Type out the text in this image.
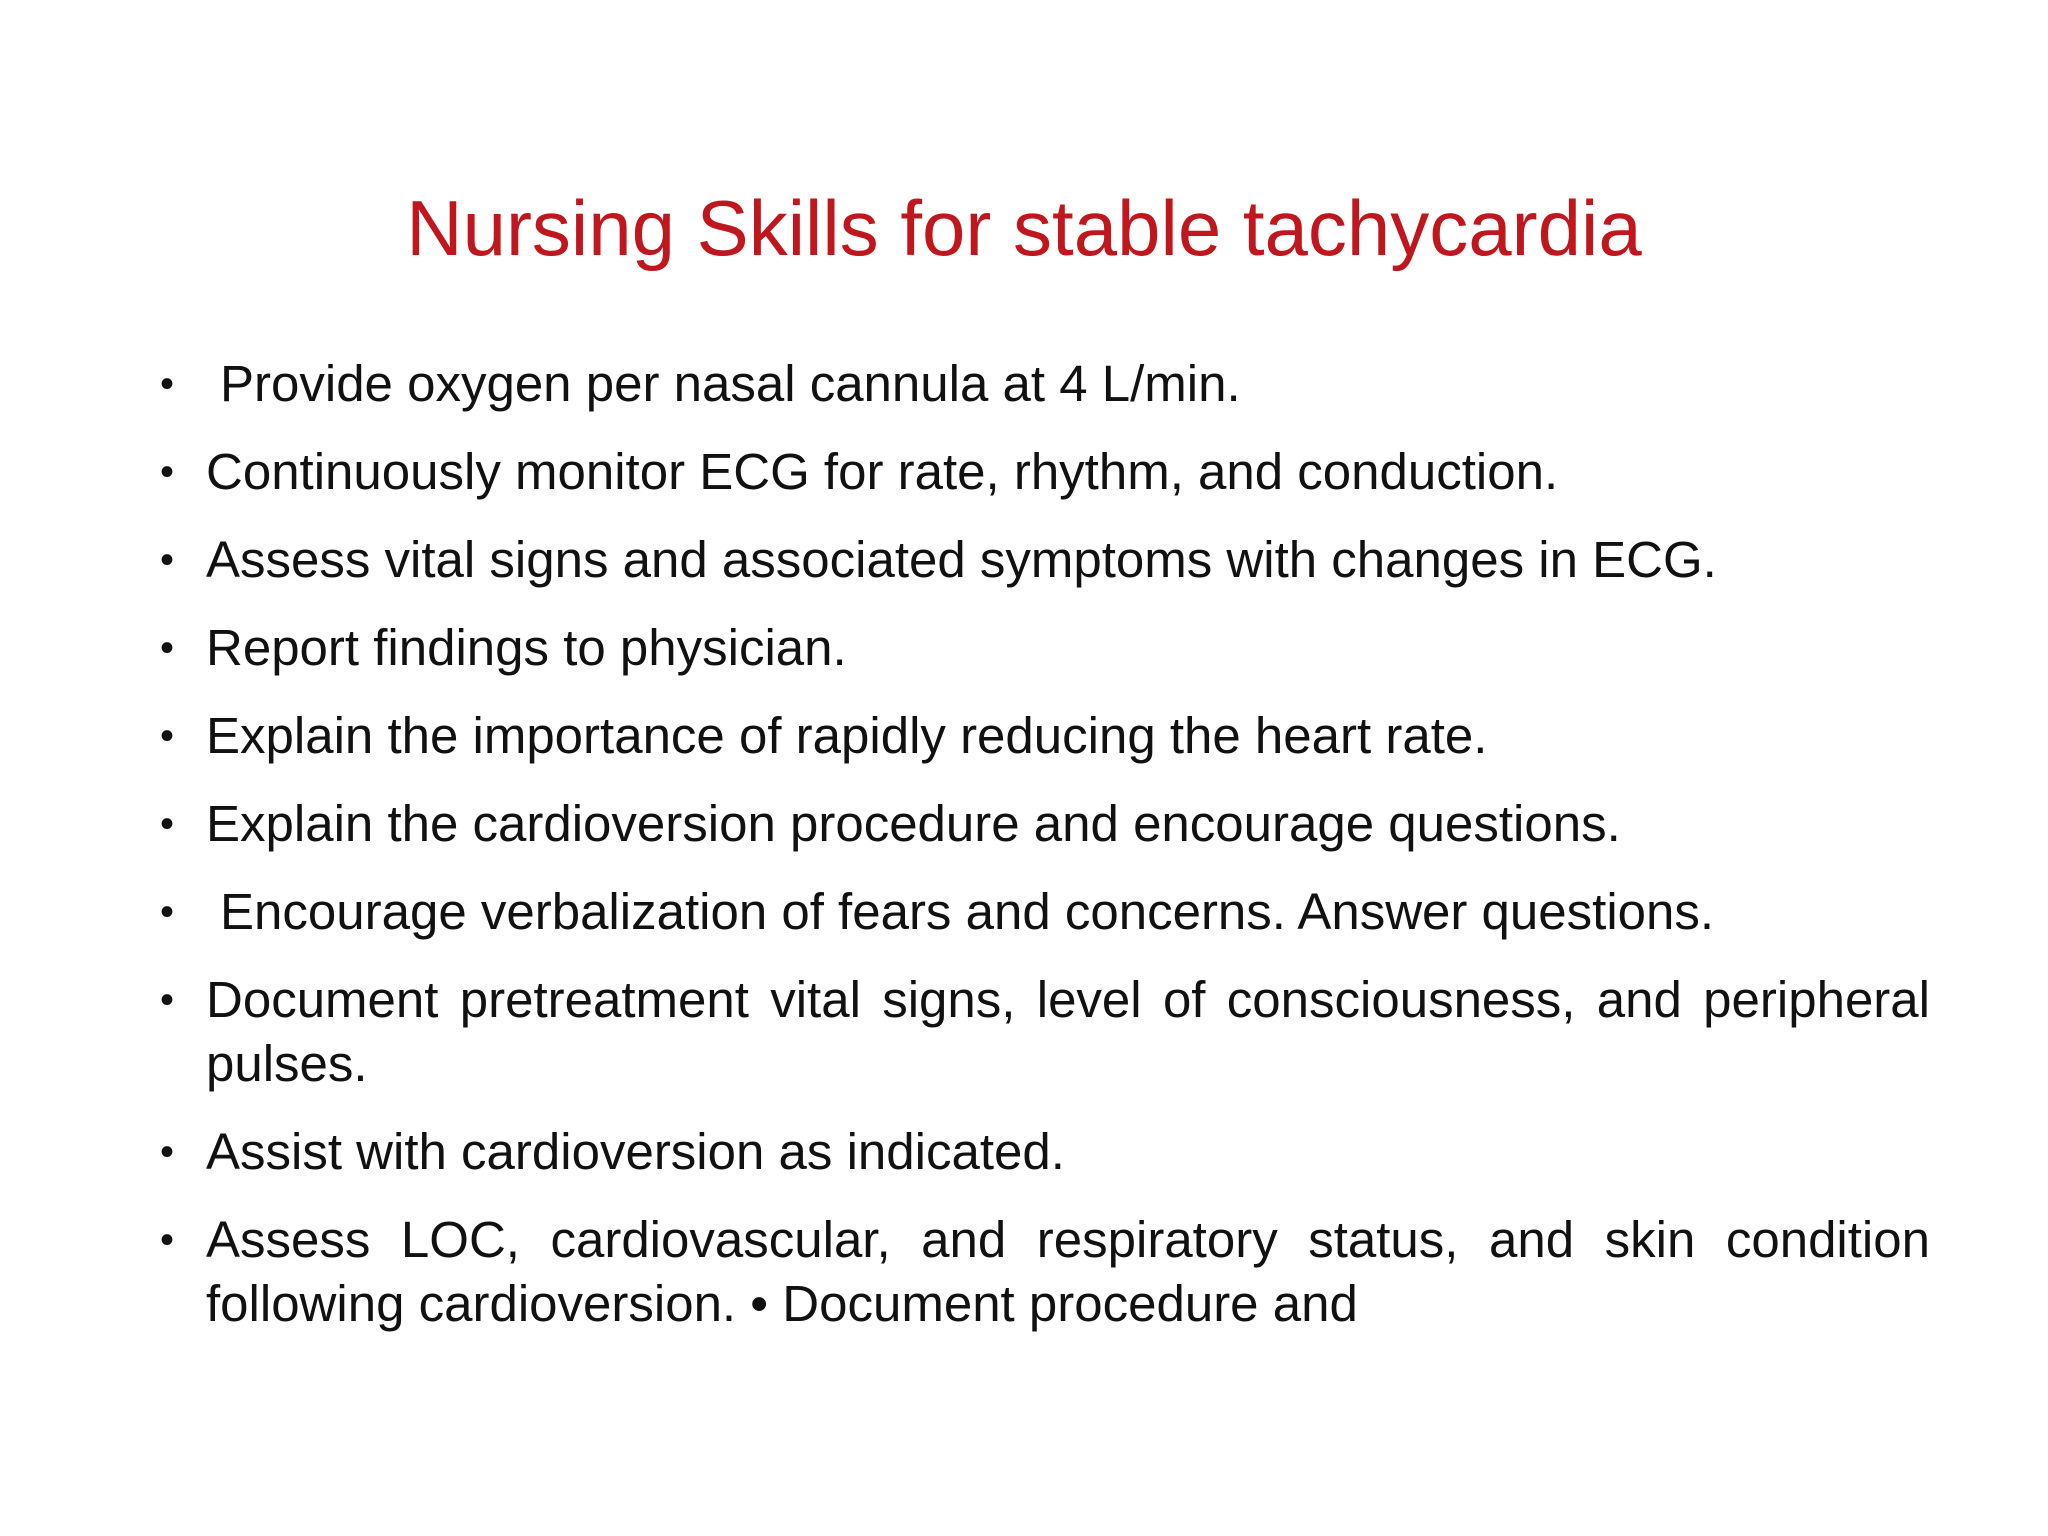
Nursing Skills for stable tachycardia
• Provide oxygen per nasal cannula at 4 L/min.
• Continuously monitor ECG for rate, rhythm, and conduction.
• Assess vital signs and associated symptoms with changes in ECG.
• Report findings to physician.
• Explain the importance of rapidly reducing the heart rate.
• Explain the cardioversion procedure and encourage questions.
• Encourage verbalization of fears and concerns. Answer questions.
• Document pretreatment vital signs, level of consciousness, and peripheral pulses.
• Assist with cardioversion as indicated.
• Assess LOC, cardiovascular, and respiratory status, and skin condition following cardioversion. • Document procedure and
